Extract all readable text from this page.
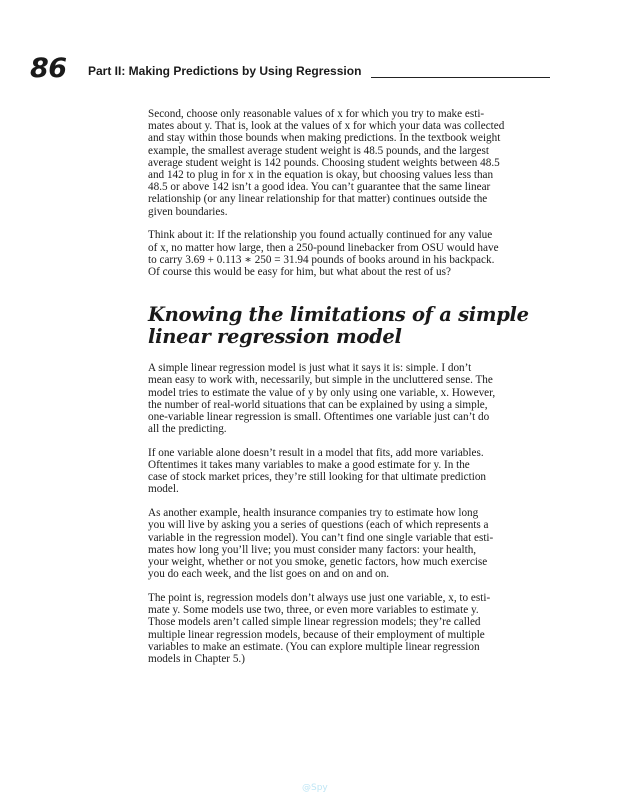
86 Part II: Making Predictions by Using Regression

Second, choose only reasonable values of x for which you try to make esti-
mates about y. That is, look at the values of x for which your data was collected
and stay within those bounds when making predictions. In the textbook weight
example, the smallest average student weight is 48.5 pounds, and the largest
average student weight is 142 pounds. Choosing student weights between 48.5
and 142 to plug in for x in the equation is okay, but choosing values less than
48.5 or above 142 isn’t a good idea. You can’t guarantee that the same linear
relationship (or any linear relationship for that matter) continues outside the
given boundaries.

Think about it: If the relationship you found actually continued for any value
of x, no matter how large, then a 250-pound linebacker from OSU would have
to carry 3.69 + 0.113 ∗ 250 = 31.94 pounds of books around in his backpack.
Of course this would be easy for him, but what about the rest of us?

Knowing the limitations of a simple
linear regression model

A simple linear regression model is just what it says it is: simple. I don’t
mean easy to work with, necessarily, but simple in the uncluttered sense. The
model tries to estimate the value of y by only using one variable, x. However,
the number of real-world situations that can be explained by using a simple,
one-variable linear regression is small. Oftentimes one variable just can’t do
all the predicting.

If one variable alone doesn’t result in a model that fits, add more variables.
Oftentimes it takes many variables to make a good estimate for y. In the
case of stock market prices, they’re still looking for that ultimate prediction
model.

As another example, health insurance companies try to estimate how long
you will live by asking you a series of questions (each of which represents a
variable in the regression model). You can’t find one single variable that esti-
mates how long you’ll live; you must consider many factors: your health,
your weight, whether or not you smoke, genetic factors, how much exercise
you do each week, and the list goes on and on and on.

The point is, regression models don’t always use just one variable, x, to esti-
mate y. Some models use two, three, or even more variables to estimate y.
Those models aren’t called simple linear regression models; they’re called
multiple linear regression models, because of their employment of multiple
variables to make an estimate. (You can explore multiple linear regression
models in Chapter 5.)

@Spy
